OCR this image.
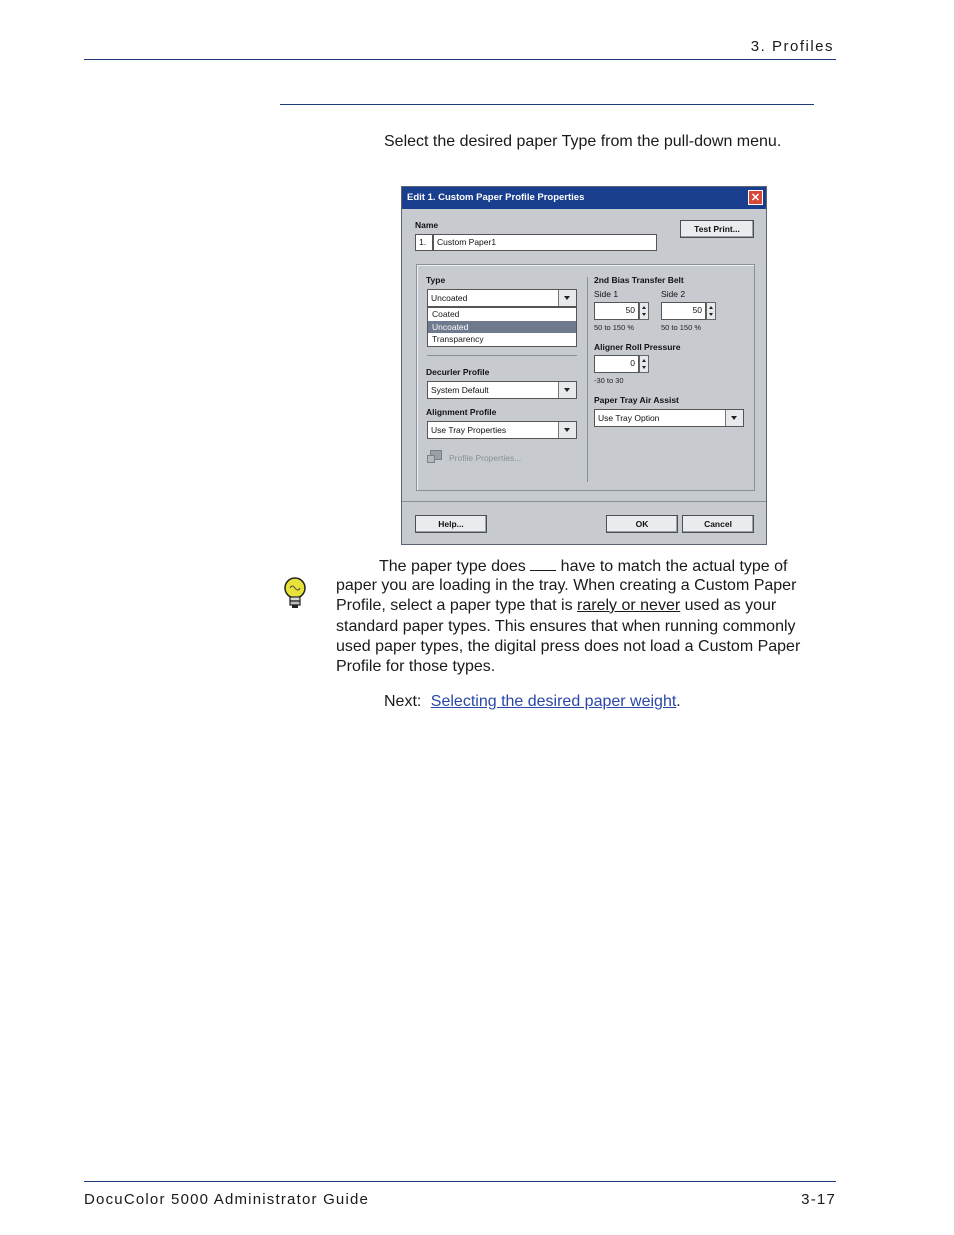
3. Profiles
Select the desired paper Type from the pull-down menu.
Edit 1. Custom Paper Profile Properties	✕
Name
1.	Custom Paper1
Test Print...
Type
Uncoated
Coated
Uncoated
Transparency
Decurler Profile
System Default
Alignment Profile
Use Tray Properties
Profile Properties...
2nd Bias Transfer Belt
Side 1	Side 2
50	50
50 to 150 %	50 to 150 %
Aligner Roll Pressure
0
-30 to 30
Paper Tray Air Assist
Use Tray Option
Help...	OK	Cancel
The paper type does have to match the actual type of
paper you are loading in the tray. When creating a Custom Paper
Profile, select a paper type that is rarely or never used as your
standard paper types. This ensures that when running commonly
used paper types, the digital press does not load a Custom Paper
Profile for those types.
Next: Selecting the desired paper weight.
DocuColor 5000 Administrator Guide	3-17
